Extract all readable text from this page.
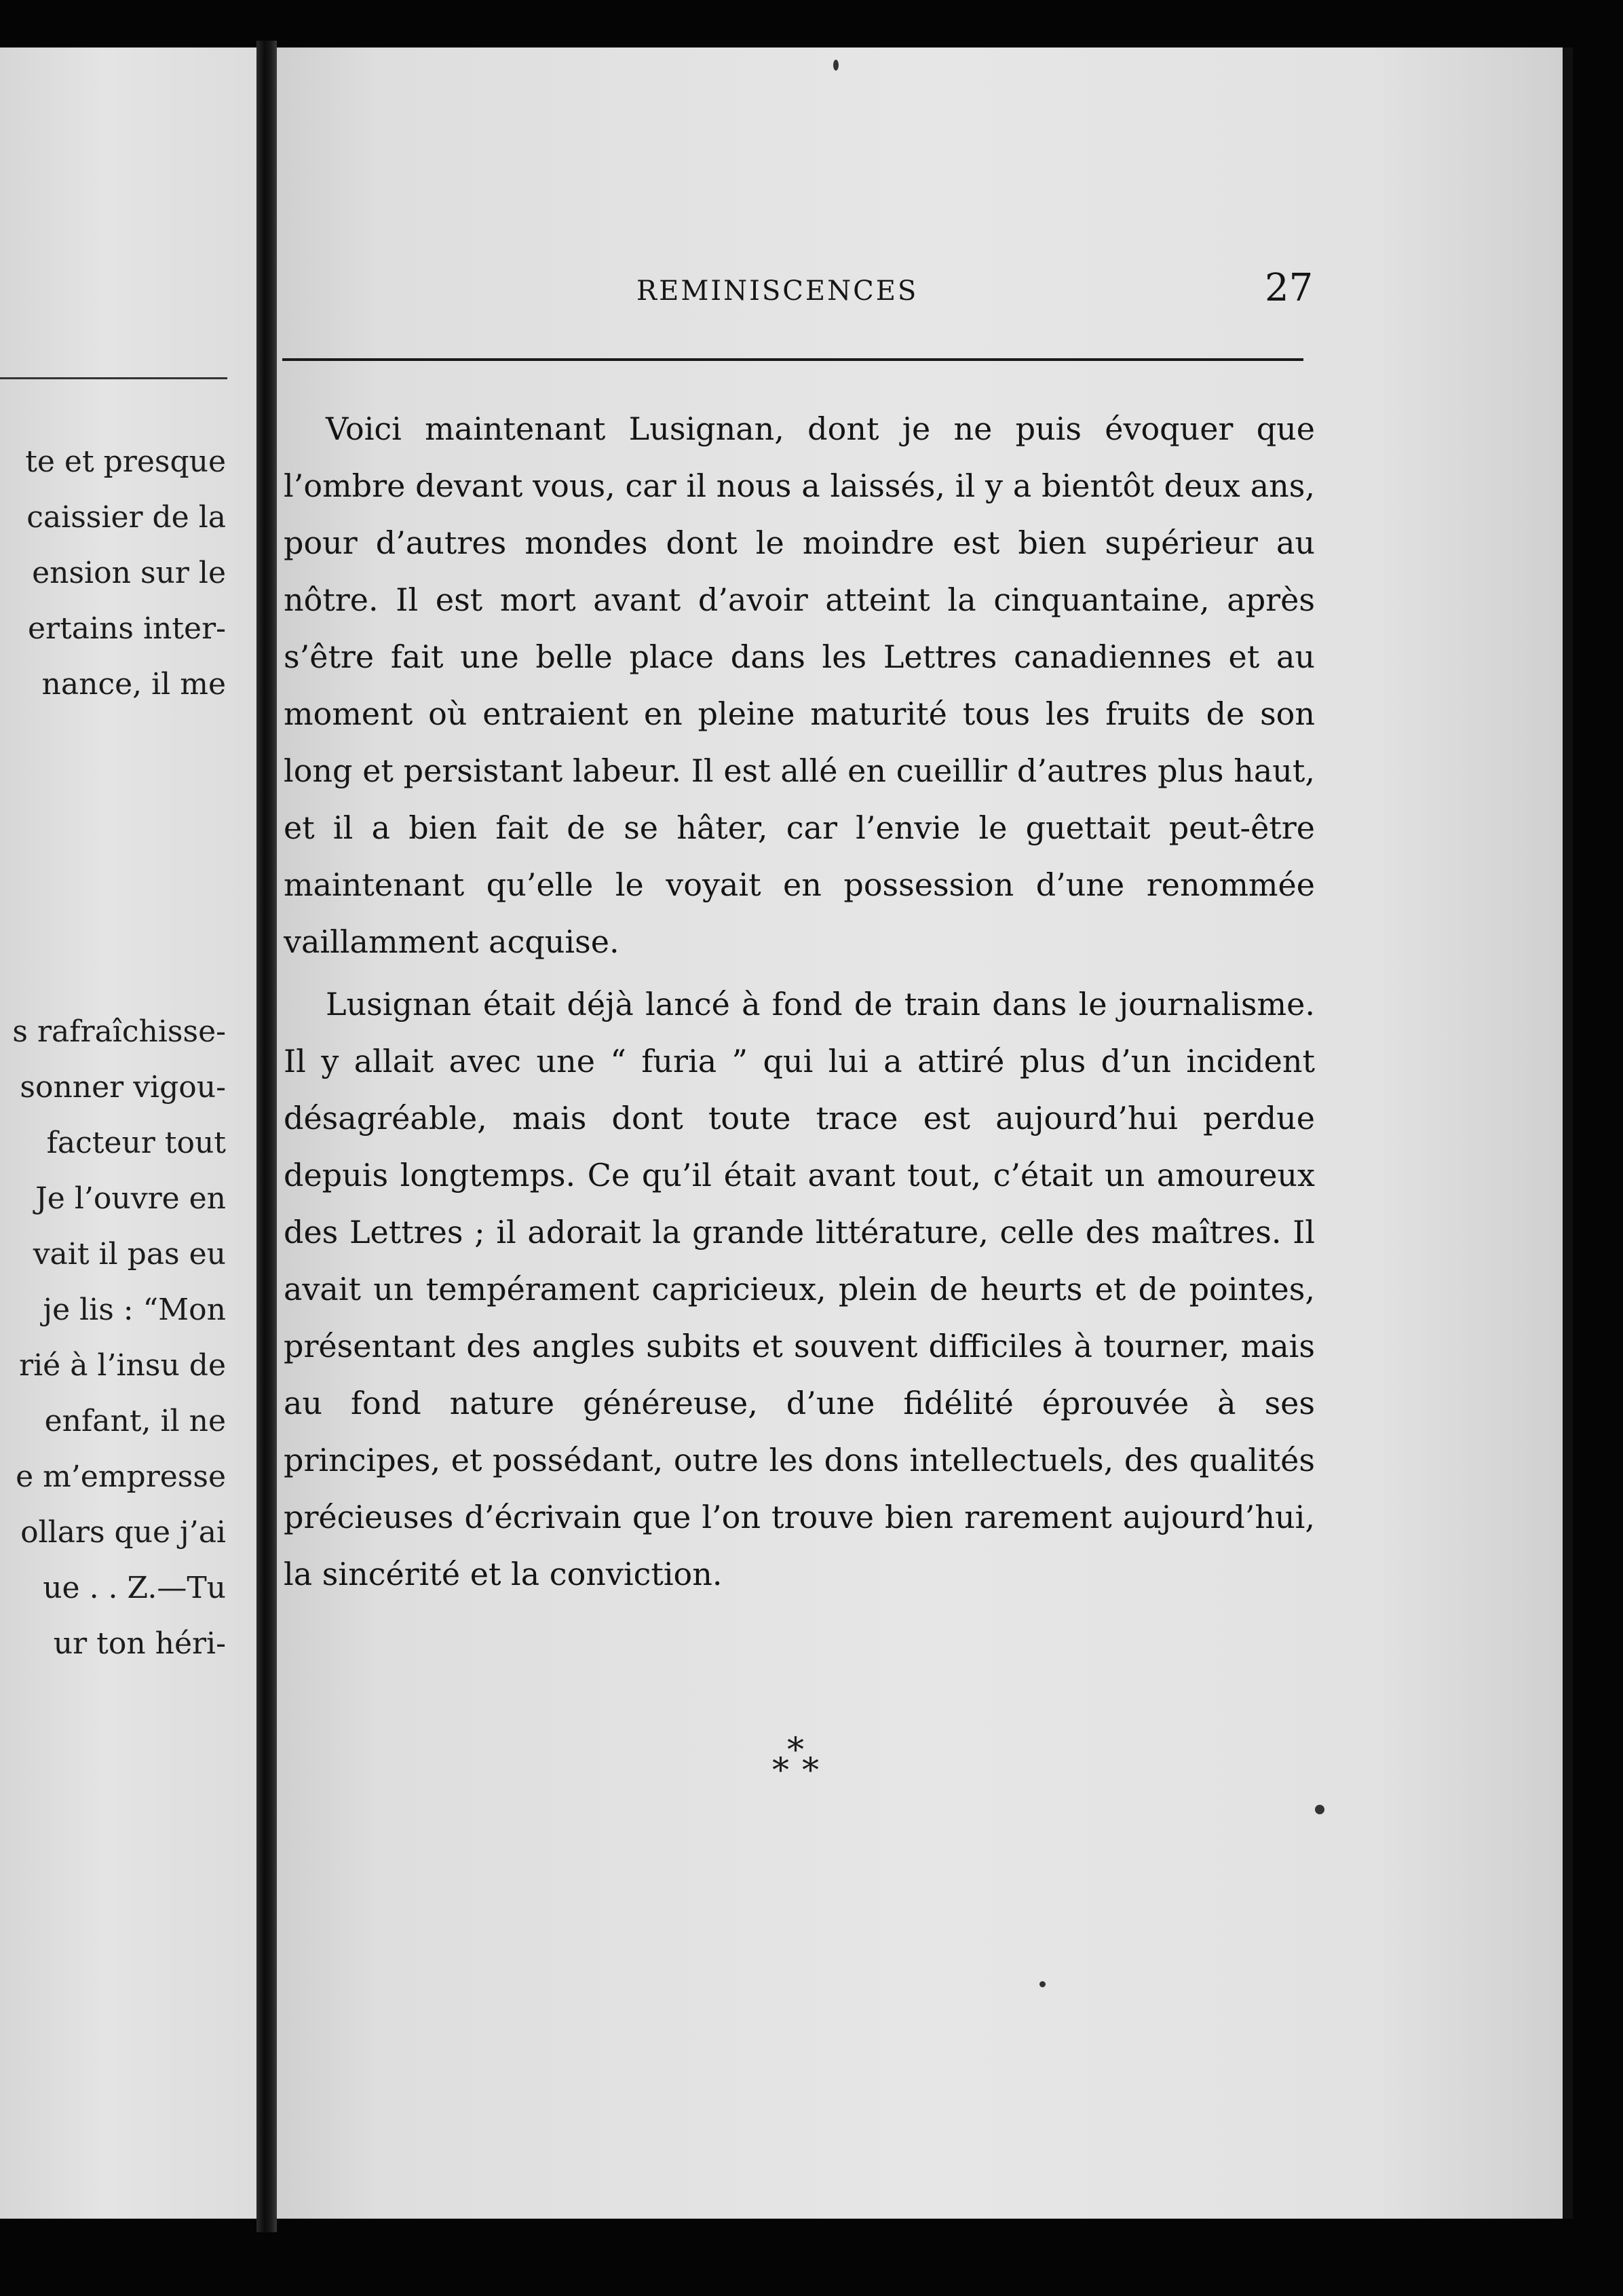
te et presque
caissier de la
ension sur le
ertains inter-
nance, il me
s rafraîchisse-
sonner vigou-
facteur tout
Je l’ouvre en
vait il pas eu
je lis : “Mon
rié à l’insu de
enfant, il ne
e m’empresse
ollars que j’ai
ue . . Z.—Tu
ur ton héri-
REMINISCENCES	27

Voici maintenant Lusignan, dont je ne puis évoquer que l’ombre devant vous, car il nous a laissés, il y a bientôt deux ans, pour d’autres mondes dont le moindre est bien supérieur au nôtre. Il est mort avant d’avoir atteint la cinquantaine, après s’être fait une belle place dans les Lettres canadiennes et au moment où entraient en pleine maturité tous les fruits de son long et persistant labeur. Il est allé en cueillir d’autres plus haut, et il a bien fait de se hâter, car l’envie le guettait peut-être maintenant qu’elle le voyait en possession d’une renommée vaillamment acquise.

Lusignan était déjà lancé à fond de train dans le journalisme. Il y allait avec une “ furia ” qui lui a attiré plus d’un incident désagréable, mais dont toute trace est aujourd’hui perdue depuis longtemps. Ce qu’il était avant tout, c’était un amoureux des Lettres ; il adorait la grande littérature, celle des maîtres. Il avait un tempérament capricieux, plein de heurts et de pointes, présentant des angles subits et souvent difficiles à tourner, mais au fond nature généreuse, d’une fidélité éprouvée à ses principes, et possédant, outre les dons intellectuels, des qualités précieuses d’écrivain que l’on trouve bien rarement aujourd’hui, la sincérité et la conviction.

*
* *
